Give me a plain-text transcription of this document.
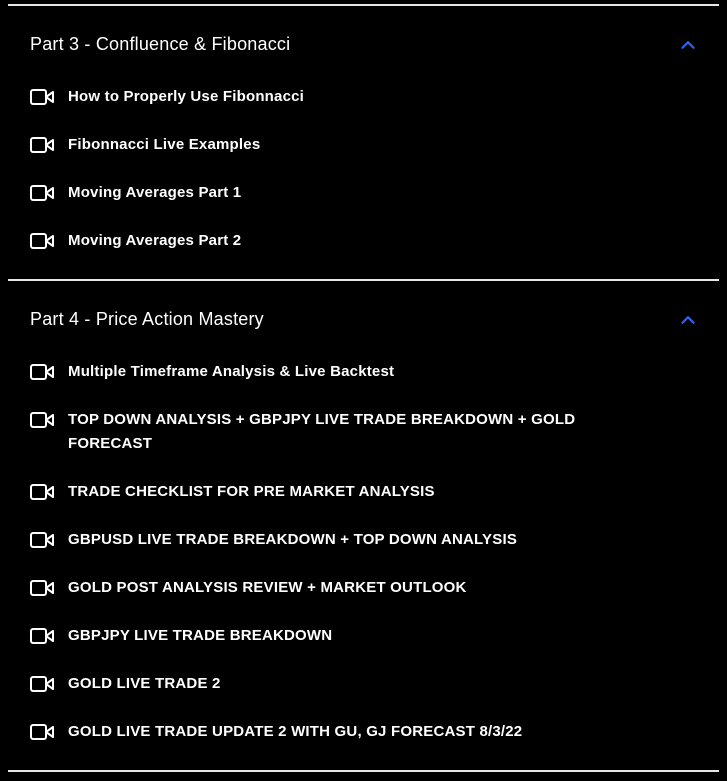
Part 3 - Confluence & Fibonacci
How to Properly Use Fibonnacci
Fibonnacci Live Examples
Moving Averages Part 1
Moving Averages Part 2
Part 4 - Price Action Mastery
Multiple Timeframe Analysis & Live Backtest
TOP DOWN ANALYSIS + GBPJPY LIVE TRADE BREAKDOWN + GOLD FORECAST
TRADE CHECKLIST FOR PRE MARKET ANALYSIS
GBPUSD LIVE TRADE BREAKDOWN + TOP DOWN ANALYSIS
GOLD POST ANALYSIS REVIEW + MARKET OUTLOOK
GBPJPY LIVE TRADE BREAKDOWN
GOLD LIVE TRADE 2
GOLD LIVE TRADE UPDATE 2 WITH GU, GJ FORECAST 8/3/22
